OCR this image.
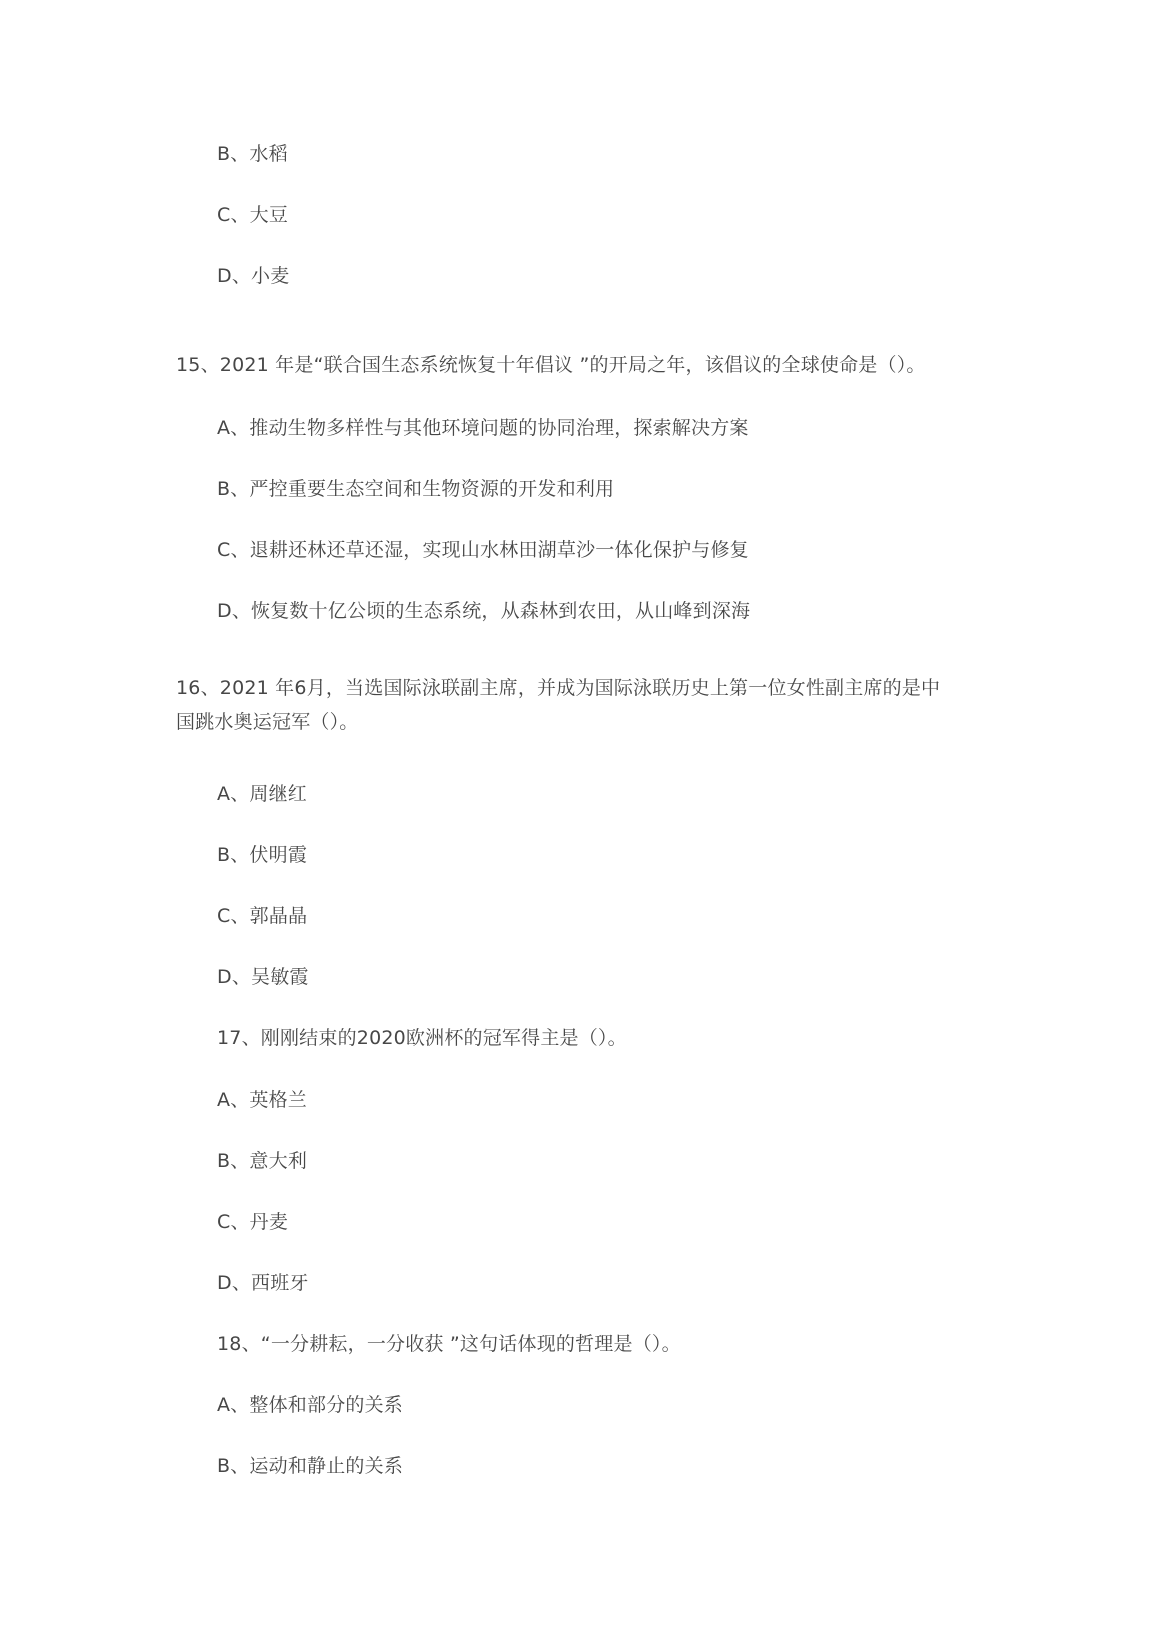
B、水稻
C、大豆
D、小麦
15、2021 年是“联合国生态系统恢复十年倡议 ”的开局之年，该倡议的全球使命是（）。
A、推动生物多样性与其他环境问题的协同治理，探索解决方案
B、严控重要生态空间和生物资源的开发和利用
C、退耕还林还草还湿，实现山水林田湖草沙一体化保护与修复
D、恢复数十亿公顷的生态系统，从森林到农田，从山峰到深海
16、2021 年6月，当选国际泳联副主席，并成为国际泳联历史上第一位女性副主席的是中
国跳水奥运冠军（）。
A、周继红
B、伏明霞
C、郭晶晶
D、吴敏霞
17、刚刚结束的2020欧洲杯的冠军得主是（）。
A、英格兰
B、意大利
C、丹麦
D、西班牙
18、“一分耕耘，一分收获 ”这句话体现的哲理是（）。
A、整体和部分的关系
B、运动和静止的关系
